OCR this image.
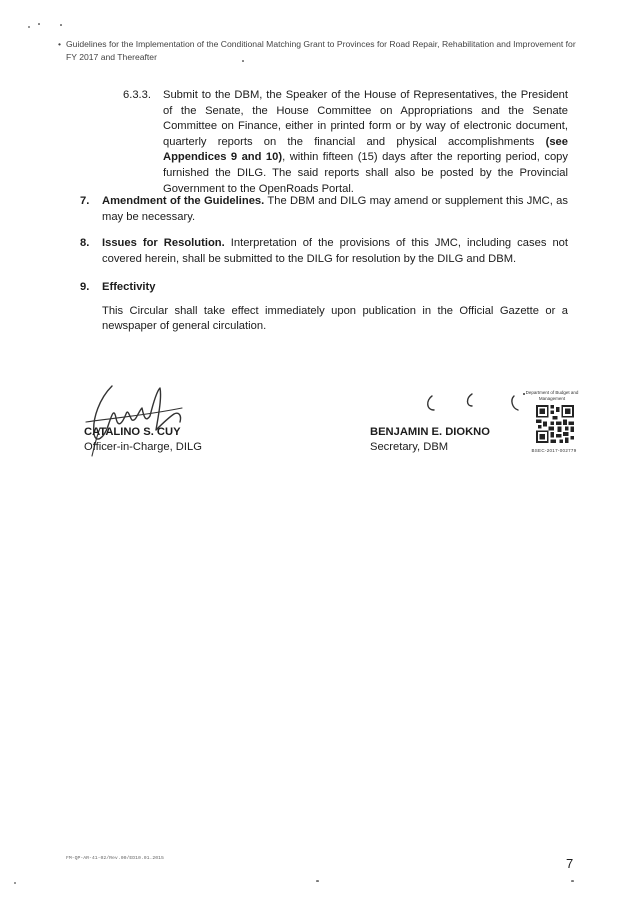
• Guidelines for the Implementation of the Conditional Matching Grant to Provinces for Road Repair, Rehabilitation and Improvement for FY 2017 and Thereafter
6.3.3. Submit to the DBM, the Speaker of the House of Representatives, the President of the Senate, the House Committee on Appropriations and the Senate Committee on Finance, either in printed form or by way of electronic document, quarterly reports on the financial and physical accomplishments (see Appendices 9 and 10), within fifteen (15) days after the reporting period, copy furnished the DILG. The said reports shall also be posted by the Provincial Government to the OpenRoads Portal.
7. Amendment of the Guidelines. The DBM and DILG may amend or supplement this JMC, as may be necessary.
8. Issues for Resolution. Interpretation of the provisions of this JMC, including cases not covered herein, shall be submitted to the DILG for resolution by the DILG and DBM.
9. Effectivity
This Circular shall take effect immediately upon publication in the Official Gazette or a newspaper of general circulation.
CATALINO S. CUY
Officer-in-Charge, DILG
BENJAMIN E. DIOKNO
Secretary, DBM
Department of Budget and Management
BSEC-2017-002779
FM-QP-AR-41-02/Rev.00/ED10.01.2015	7
